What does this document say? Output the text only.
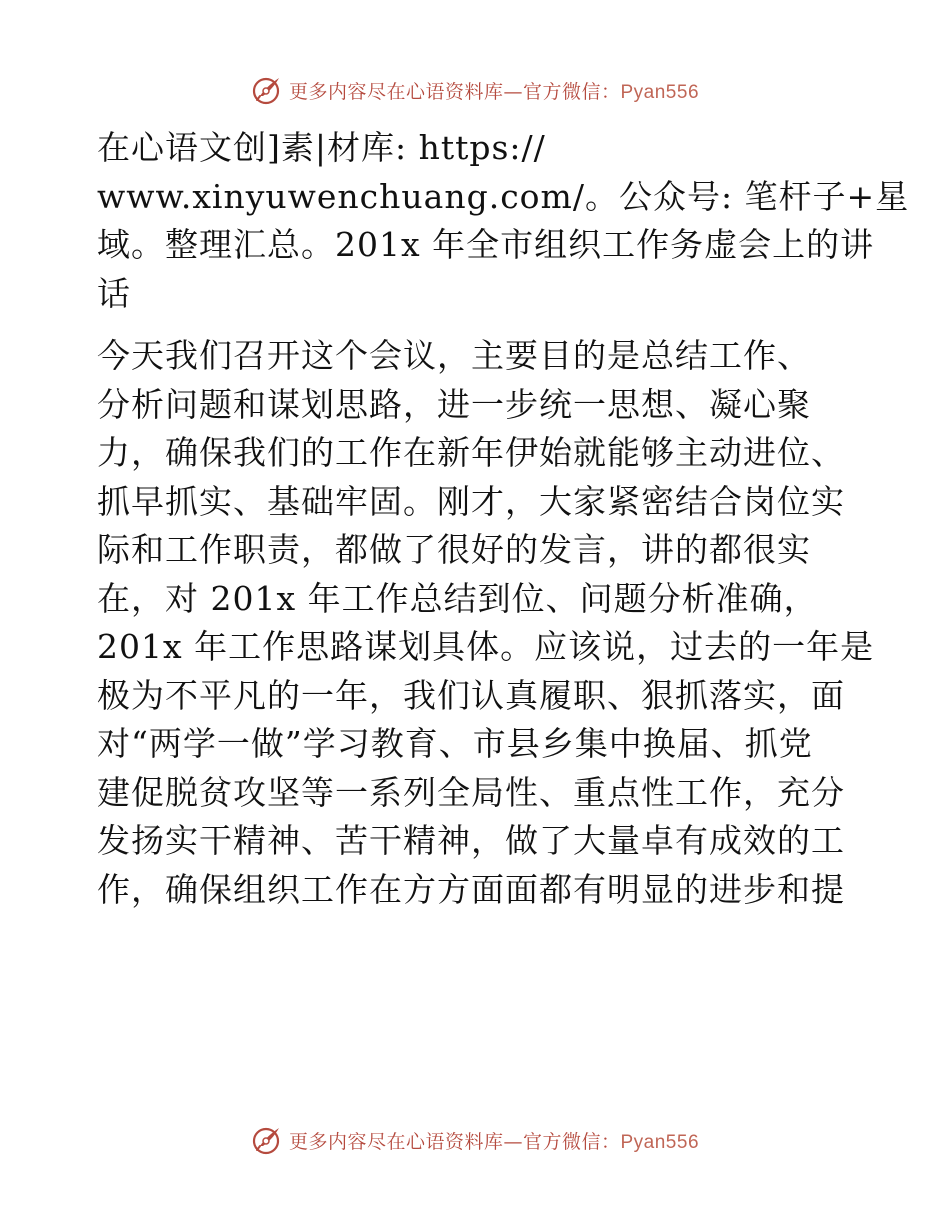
更多内容尽在心语资料库—官方微信：Pyan556

在心语文创]素|材库: https://
www.xinyuwenchuang.com/。公众号: 笔杆子+星
域。整理汇总。201x 年全市组织工作务虚会上的讲
话

今天我们召开这个会议，主要目的是总结工作、
分析问题和谋划思路，进一步统一思想、凝心聚
力，确保我们的工作在新年伊始就能够主动进位、
抓早抓实、基础牢固。刚才，大家紧密结合岗位实
际和工作职责，都做了很好的发言，讲的都很实
在，对 201x 年工作总结到位、问题分析准确，
201x 年工作思路谋划具体。应该说，过去的一年是
极为不平凡的一年，我们认真履职、狠抓落实，面
对“两学一做”学习教育、市县乡集中换届、抓党
建促脱贫攻坚等一系列全局性、重点性工作，充分
发扬实干精神、苦干精神，做了大量卓有成效的工
作，确保组织工作在方方面面都有明显的进步和提

更多内容尽在心语资料库—官方微信：Pyan556
